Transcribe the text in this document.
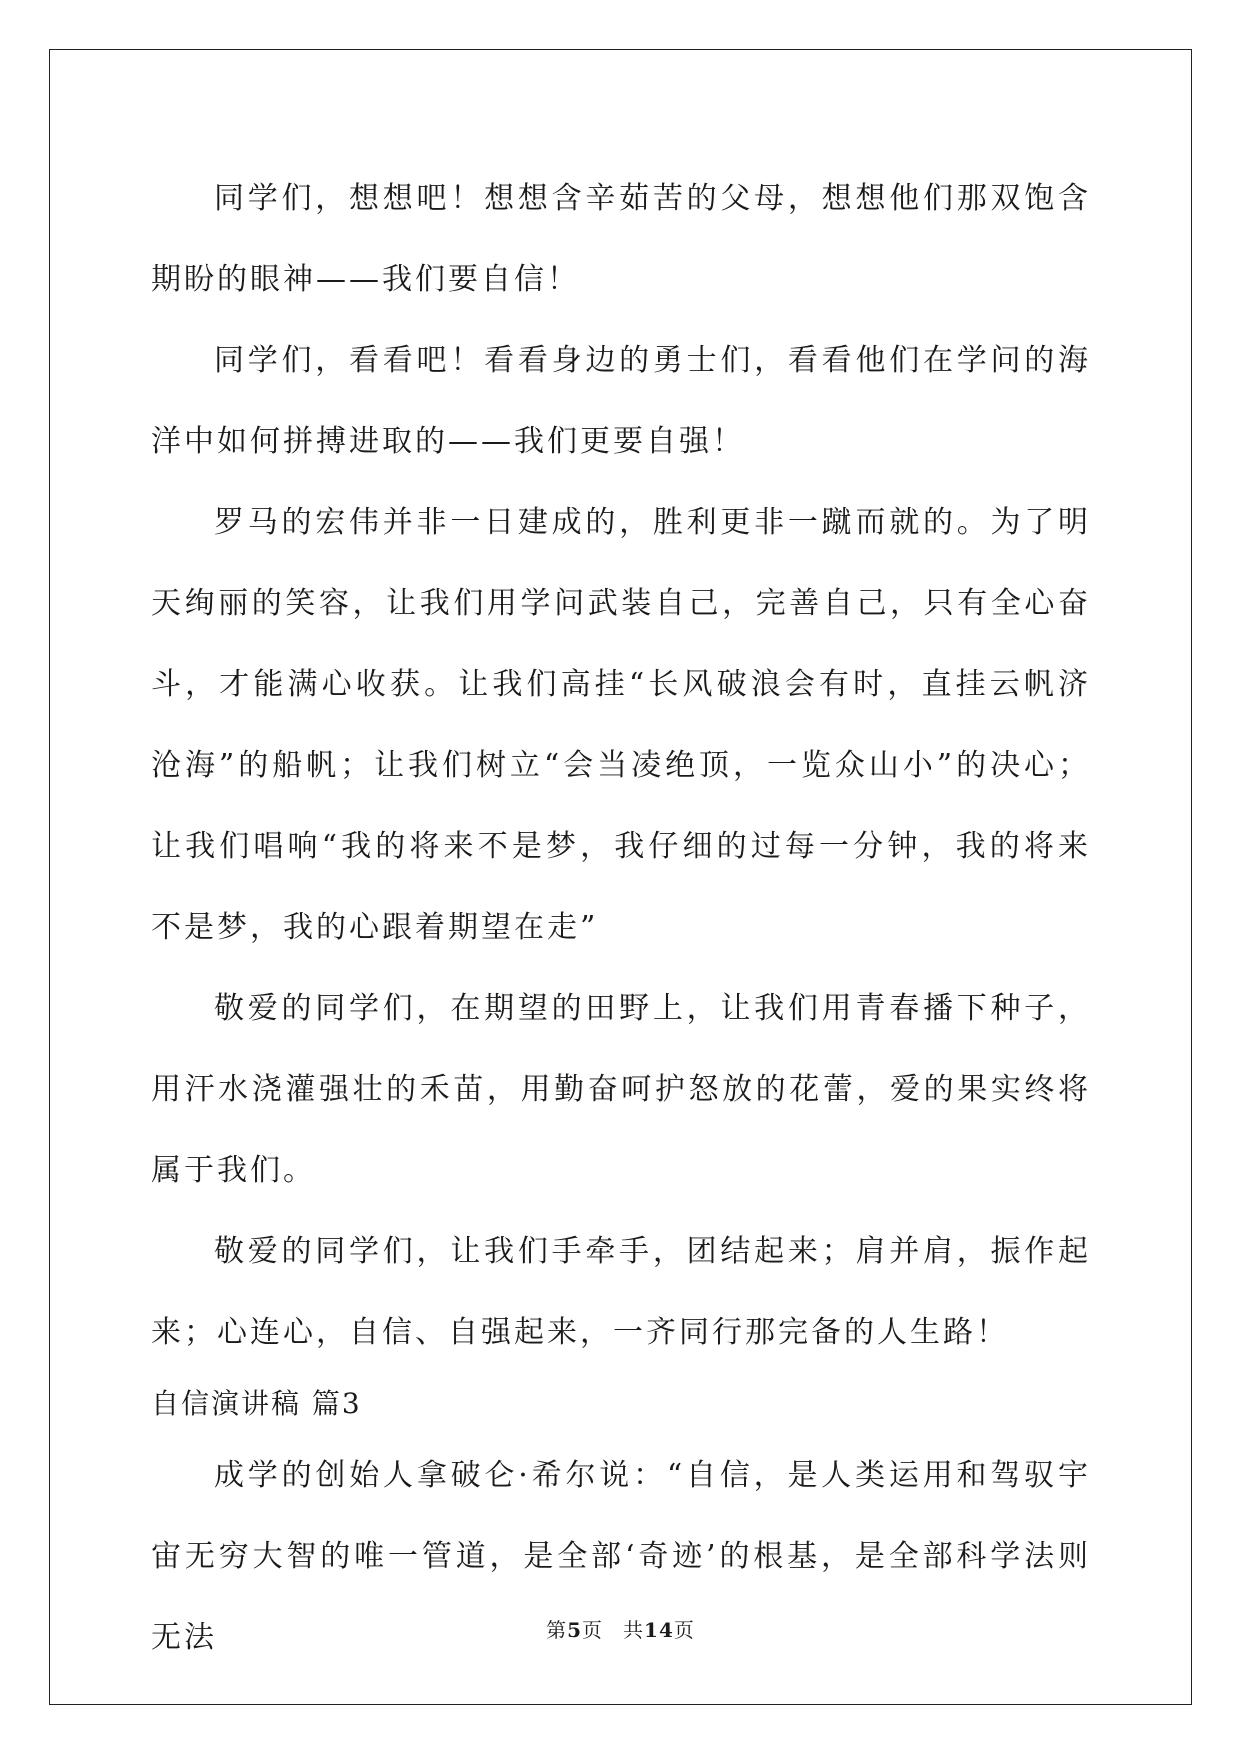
同学们，想想吧！想想含辛茹苦的父母，想想他们那双饱含期盼的眼神——我们要自信！

同学们，看看吧！看看身边的勇士们，看看他们在学问的海洋中如何拼搏进取的——我们更要自强！

罗马的宏伟并非一日建成的，胜利更非一蹴而就的。为了明天绚丽的笑容，让我们用学问武装自己，完善自己，只有全心奋斗，才能满心收获。让我们高挂“长风破浪会有时，直挂云帆济沧海”的船帆；让我们树立“会当凌绝顶，一览众山小”的决心；让我们唱响“我的将来不是梦，我仔细的过每一分钟，我的将来不是梦，我的心跟着期望在走”

敬爱的同学们，在期望的田野上，让我们用青春播下种子，用汗水浇灌强壮的禾苗，用勤奋呵护怒放的花蕾，爱的果实终将属于我们。

敬爱的同学们，让我们手牵手，团结起来；肩并肩，振作起来；心连心，自信、自强起来，一齐同行那完备的人生路！

自信演讲稿 篇3

成学的创始人拿破仑·希尔说：“自信，是人类运用和驾驭宇宙无穷大智的唯一管道，是全部‘奇迹’的根基，是全部科学法则无法	第5页 共14页
